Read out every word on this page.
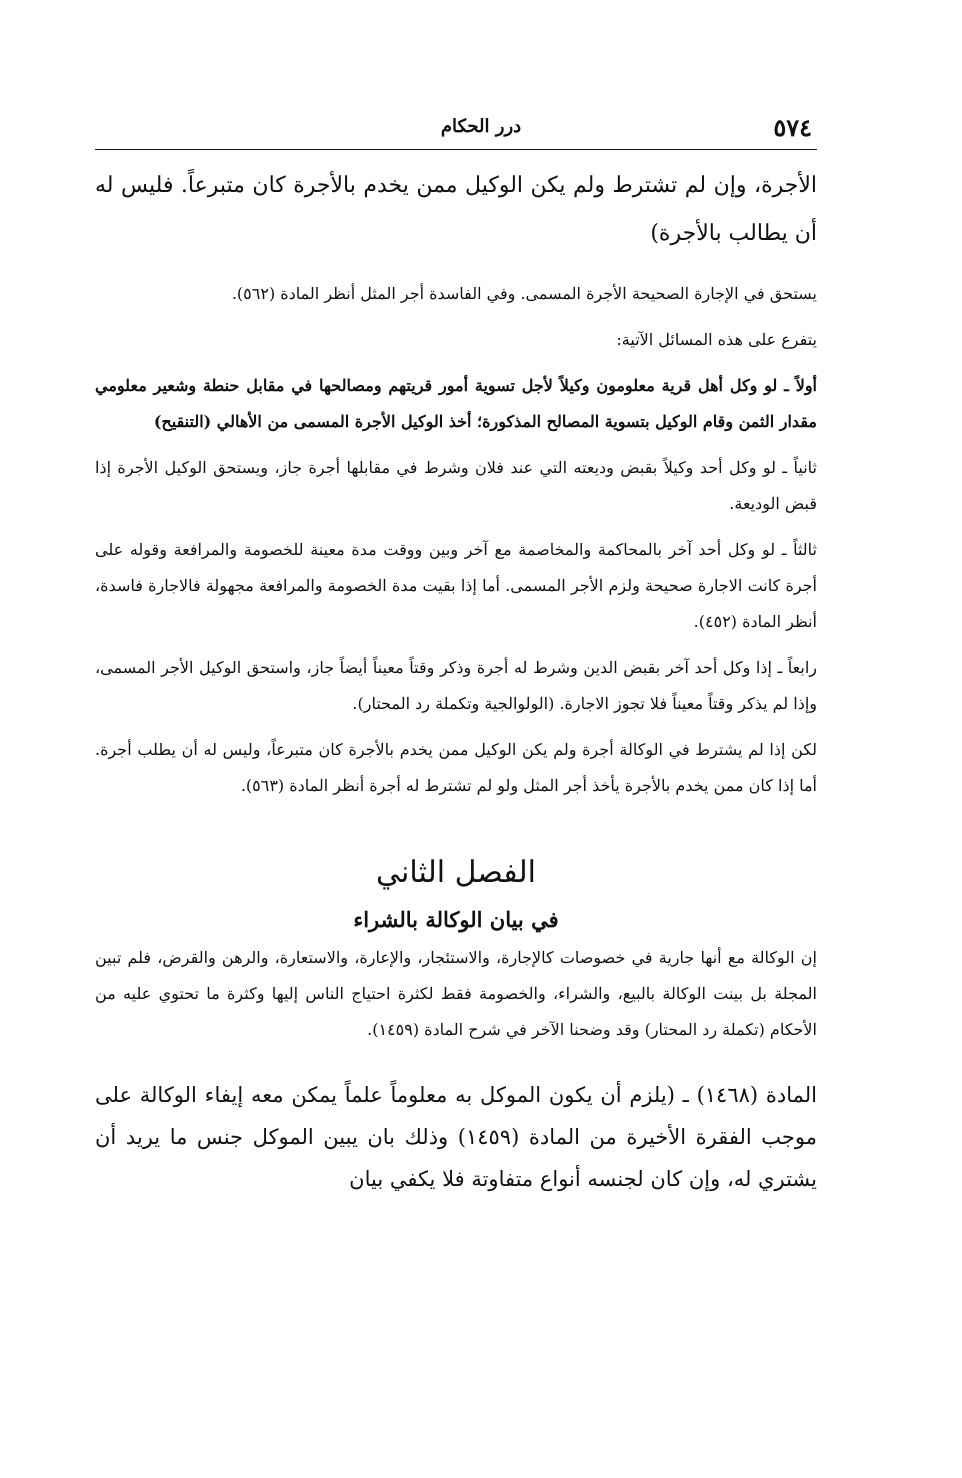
٥٧٤
درر الحكام

الأجرة، وإن لم تشترط ولم يكن الوكيل ممن يخدم بالأجرة كان متبرعاً. فليس له أن يطالب بالأجرة)

يستحق في الإجارة الصحيحة الأجرة المسمى. وفي الفاسدة أجر المثل أنظر المادة (٥٦٢).

يتفرع على هذه المسائل الآتية:

أولاً ـ لو وكل أهل قرية معلومون وكيلاً لأجل تسوية أمور قريتهم ومصالحها في مقابل حنطة وشعير معلومي مقدار الثمن وقام الوكيل بتسوية المصالح المذكورة؛ أخذ الوكيل الأجرة المسمى من الأهالي (التنقيح)

ثانياً ـ لو وكل أحد وكيلاً بقبض وديعته التي عند فلان وشرط في مقابلها أجرة جاز، ويستحق الوكيل الأجرة إذا قبض الوديعة.

ثالثاً ـ لو وكل أحد آخر بالمحاكمة والمخاصمة مع آخر وبين ووقت مدة معينة للخصومة والمرافعة وقوله على أجرة كانت الاجارة صحيحة ولزم الأجر المسمى. أما إذا بقيت مدة الخصومة والمرافعة مجهولة فالاجارة فاسدة، أنظر المادة (٤٥٢).

رابعاً ـ إذا وكل أحد آخر بقبض الدين وشرط له أجرة وذكر وقتاً معيناً أيضاً جاز، واستحق الوكيل الأجر المسمى، وإذا لم يذكر وقتاً معيناً فلا تجوز الاجارة. (الولوالجية وتكملة رد المحتار).

لكن إذا لم يشترط في الوكالة أجرة ولم يكن الوكيل ممن يخدم بالأجرة كان متبرعاً، وليس له أن يطلب أجرة. أما إذا كان ممن يخدم بالأجرة يأخذ أجر المثل ولو لم تشترط له أجرة أنظر المادة (٥٦٣).

الفصل الثاني
في بيان الوكالة بالشراء

إن الوكالة مع أنها جارية في خصوصات كالإجارة، والاستئجار، والإعارة، والاستعارة، والرهن والقرض، فلم تبين المجلة بل بينت الوكالة بالبيع، والشراء، والخصومة فقط لكثرة احتياج الناس إليها وكثرة ما تحتوي عليه من الأحكام (تكملة رد المحتار) وقد وضحنا الآخر في شرح المادة (١٤٥٩).

المادة (١٤٦٨) ـ (يلزم أن يكون الموكل به معلوماً علماً يمكن معه إيفاء الوكالة على موجب الفقرة الأخيرة من المادة (١٤٥٩) وذلك بان يبين الموكل جنس ما يريد أن يشتري له، وإن كان لجنسه أنواع متفاوتة فلا يكفي بيان
